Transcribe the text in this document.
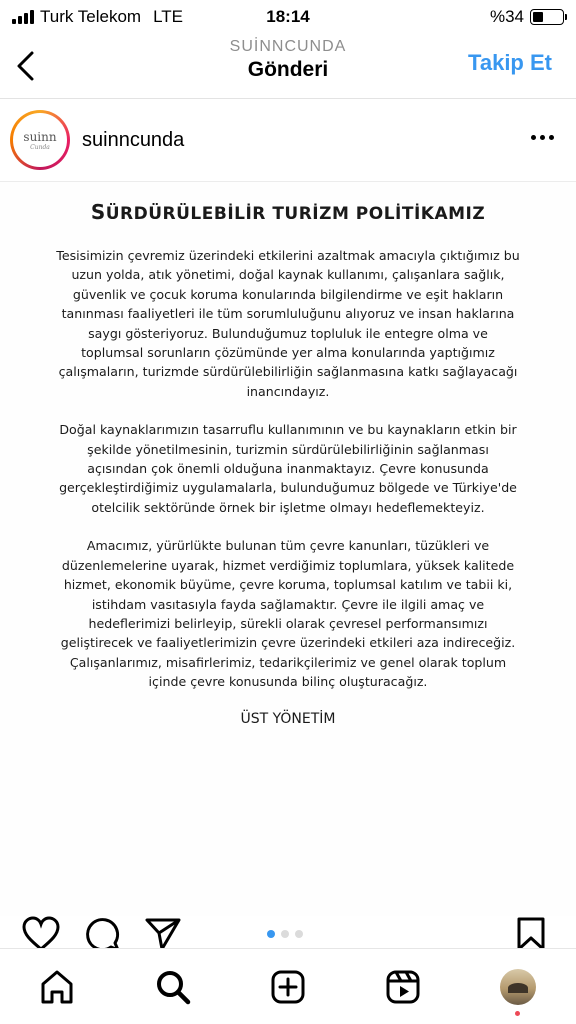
Turk Telekom LTE	18:14	%34
SUİNNCUNDA
Gönderi	Takip Et
suinn
Cunda suinncunda
SÜRDÜRÜLEBİLİR TURİZM POLİTİKAMIZ

Tesisimizin çevremiz üzerindeki etkilerini azaltmak amacıyla çıktığımız bu uzun yolda, atık yönetimi, doğal kaynak kullanımı, çalışanlara sağlık, güvenlik ve çocuk koruma konularında bilgilendirme ve eşit hakların tanınması faaliyetleri ile tüm sorumluluğunu alıyoruz ve insan haklarına saygı gösteriyoruz. Bulunduğumuz topluluk ile entegre olma ve toplumsal sorunların çözümünde yer alma konularında yaptığımız çalışmaların, turizmde sürdürülebilirliğin sağlanmasına katkı sağlayacağı inancındayız.

Doğal kaynaklarımızın tasarruflu kullanımının ve bu kaynakların etkin bir şekilde yönetilmesinin, turizmin sürdürülebilirliğinin sağlanması açısından çok önemli olduğuna inanmaktayız. Çevre konusunda gerçekleştirdiğimiz uygulamalarla, bulunduğumuz bölgede ve Türkiye'de otelcilik sektöründe örnek bir işletme olmayı hedeflemekteyiz.

Amacımız, yürürlükte bulunan tüm çevre kanunları, tüzükleri ve düzenlemelerine uyarak, hizmet verdiğimiz toplumlara, yüksek kalitede hizmet, ekonomik büyüme, çevre koruma, toplumsal katılım ve tabii ki, istihdam vasıtasıyla fayda sağlamaktır. Çevre ile ilgili amaç ve hedeflerimizi belirleyip, sürekli olarak çevresel performansımızı geliştirecek ve faaliyetlerimizin çevre üzerindeki etkileri aza indireceğiz. Çalışanlarımız, misafirlerimiz, tedarikçilerimiz ve genel olarak toplum içinde çevre konusunda bilinç oluşturacağız.

ÜST YÖNETİM
